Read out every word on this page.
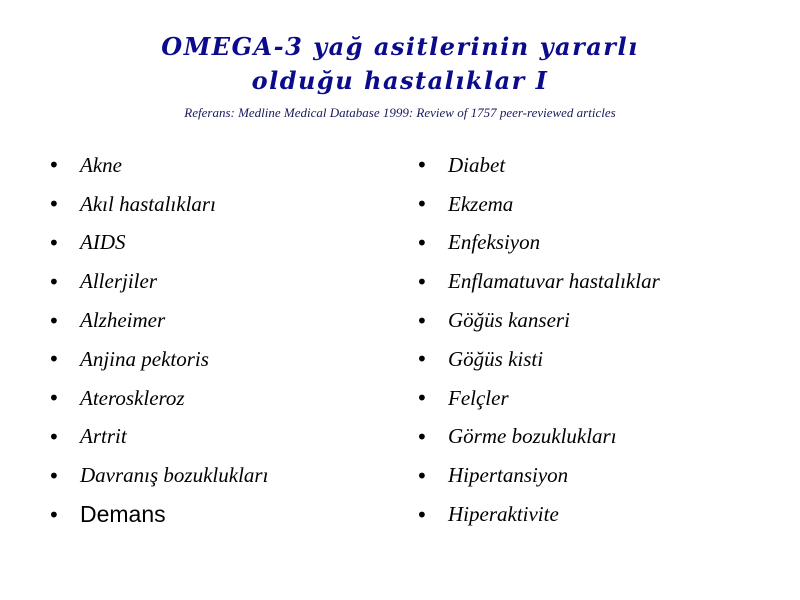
OMEGA-3 yağ asitlerinin yararlı
olduğu hastalıklar I
Referans: Medline Medical Database 1999: Review of 1757 peer-reviewed articles
• Akne
• Akıl hastalıkları
• AIDS
• Allerjiler
• Alzheimer
• Anjina pektoris
• Ateroskleroz
• Artrit
• Davranış bozuklukları
• Demans
• Diabet
• Ekzema
• Enfeksiyon
• Enflamatuvar hastalıklar
• Göğüs kanseri
• Göğüs kisti
• Felçler
• Görme bozuklukları
• Hipertansiyon
• Hiperaktivite
